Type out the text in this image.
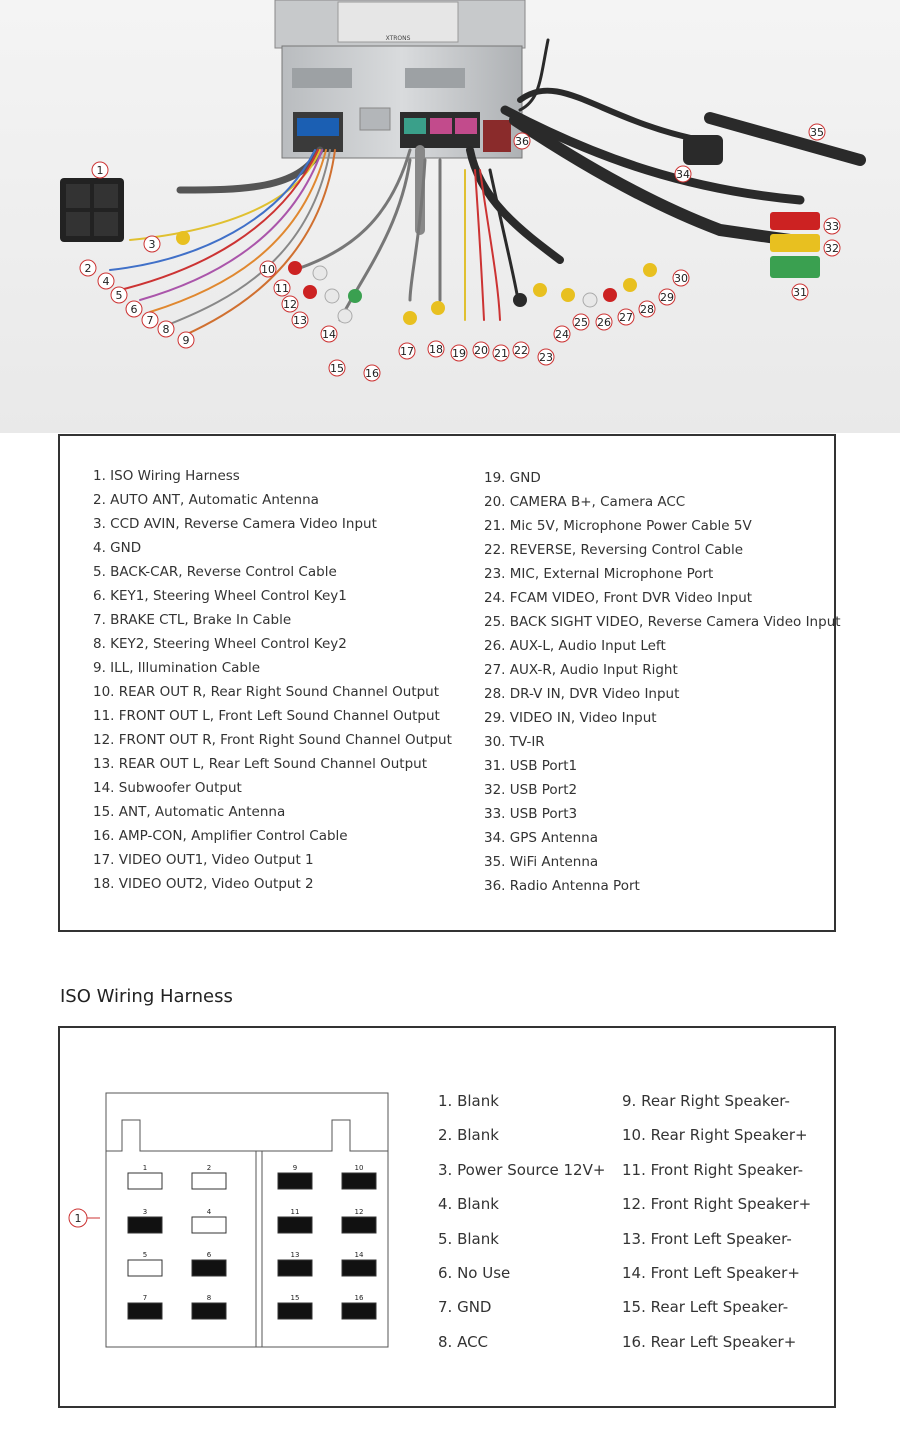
XTRONS
1
2
3
4
5
6
7
8
9
10
11
12
13
14
15 16
17 18 19 20 21 22
23
24
25 26 27
28
29
30
31
32
33
34
35
36
1. ISO Wiring Harness
2. AUTO ANT, Automatic Antenna
3. CCD AVIN, Reverse Camera Video Input
4. GND
5. BACK-CAR, Reverse Control Cable
6. KEY1, Steering Wheel Control Key1
7. BRAKE CTL, Brake In Cable
8. KEY2, Steering Wheel Control Key2
9. ILL, Illumination Cable
10. REAR OUT R, Rear Right Sound Channel Output
11. FRONT OUT L, Front Left Sound Channel Output
12. FRONT OUT R, Front Right Sound Channel Output
13. REAR OUT L, Rear Left Sound Channel Output
14. Subwoofer Output
15. ANT, Automatic Antenna
16. AMP-CON, Amplifier Control Cable
17. VIDEO OUT1, Video Output 1
18. VIDEO OUT2, Video Output 2
19. GND
20. CAMERA B+, Camera ACC
21. Mic 5V, Microphone Power Cable 5V
22. REVERSE, Reversing Control Cable
23. MIC, External Microphone Port
24. FCAM VIDEO, Front DVR Video Input
25. BACK SIGHT VIDEO, Reverse Camera Video Input
26. AUX-L, Audio Input Left
27. AUX-R, Audio Input Right
28. DR-V IN, DVR Video Input
29. VIDEO IN, Video Input
30. TV-IR
31. USB Port1
32. USB Port2
33. USB Port3
34. GPS Antenna
35. WiFi Antenna
36. Radio Antenna Port
ISO Wiring Harness
1
1	2
3	4
5	6
7	8
9	10
11	12
13	14
15	16
1. Blank
2. Blank
3. Power Source 12V+
4. Blank
5. Blank
6. No Use
7. GND
8. ACC
9. Rear Right Speaker-
10. Rear Right Speaker+
11. Front Right Speaker-
12. Front Right Speaker+
13. Front Left Speaker-
14. Front Left Speaker+
15. Rear Left Speaker-
16. Rear Left Speaker+
